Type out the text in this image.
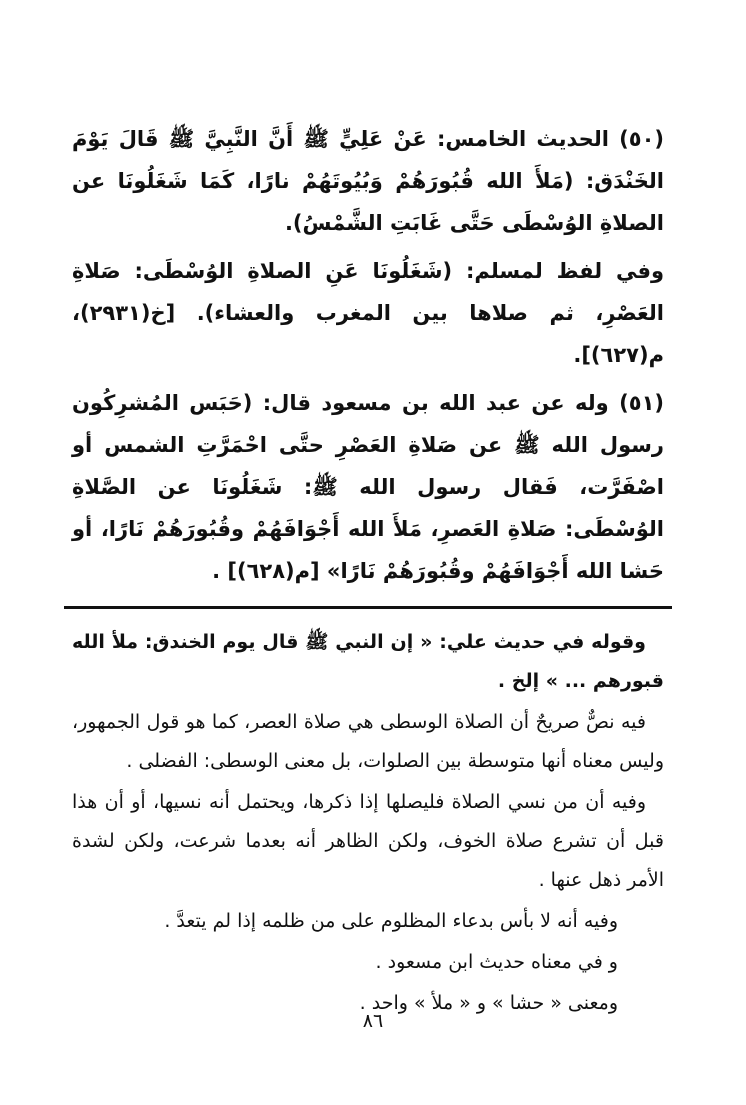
(٥٠) الحديث الخامس: عَنْ عَلِيٍّ ﷺ أَنَّ النَّبِيَّ ﷺ قَالَ يَوْمَ الخَنْدَق: (مَلأَ الله قُبُورَهُمْ وَبُيُوتَهُمْ نارًا، كَمَا شَغَلُونَا عن الصلاةِ الوُسْطَى حَتَّى غَابَتِ الشَّمْسُ).

وفي لفظ لمسلم: (شَغَلُونَا عَنِ الصلاةِ الوُسْطَى: صَلاةِ العَصْرِ، ثم صلاها بين المغرب والعشاء). [خ(٢٩٣١)، م(٦٢٧)].

(٥١) وله عن عبد الله بن مسعود قال: (حَبَس المُشرِكُون رسول الله ﷺ عن صَلاةِ العَصْرِ حتَّى احْمَرَّتِ الشمس أو اصْفَرَّت، فَقال رسول الله ﷺ: شَغَلُونَا عن الصَّلاةِ الوُسْطَى: صَلاةِ العَصرِ، مَلأَ الله أَجْوَافَهُمْ وقُبُورَهُمْ نَارًا، أو حَشا الله أَجْوَافَهُمْ وقُبُورَهُمْ نَارًا» [م(٦٢٨)] .

وقوله في حديث علي: « إن النبي ﷺ قال يوم الخندق: ملأ الله قبورهم ... » إلخ .

فيه نصٌّ صريحٌ أن الصلاة الوسطى هي صلاة العصر، كما هو قول الجمهور، وليس معناه أنها متوسطة بين الصلوات، بل معنى الوسطى: الفضلى .

وفيه أن من نسي الصلاة فليصلها إذا ذكرها، ويحتمل أنه نسيها، أو أن هذا قبل أن تشرع صلاة الخوف، ولكن الظاهر أنه بعدما شرعت، ولكن لشدة الأمر ذهل عنها .

وفيه أنه لا بأس بدعاء المظلوم على من ظلمه إذا لم يتعدَّ .

و في معناه حديث ابن مسعود .

ومعنى « حشا » و « ملأ » واحد .

٨٦
